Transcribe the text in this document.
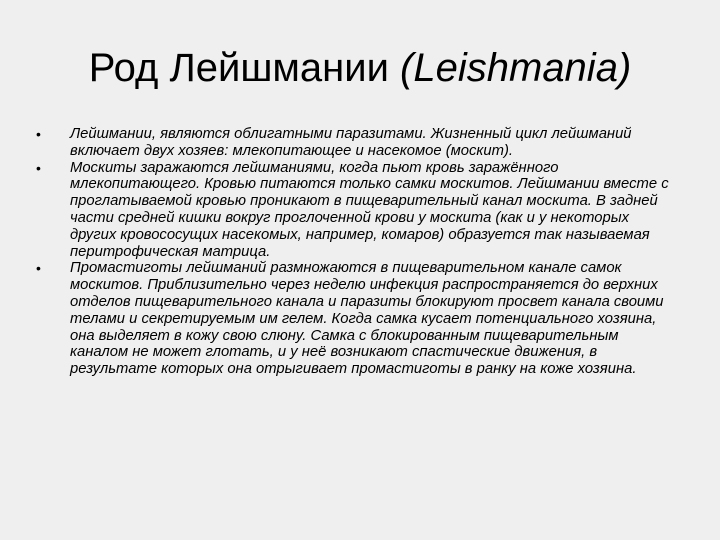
Род Лейшмании (Leishmania)
•	Лейшмании, являются облигатными паразитами. Жизненный цикл лейшманий включает двух хозяев: млекопитающее и насекомое (москит).
•	Москиты заражаются лейшманиями, когда пьют кровь заражённого млекопитающего. Кровью питаются только самки москитов. Лейшмании вместе с проглатываемой кровью проникают в пищеварительный канал москита. В задней части средней кишки вокруг проглоченной крови у москита (как и у некоторых других кровососущих насекомых, например, комаров) образуется так называемая перитрофическая матрица.
•	Промастиготы лейшманий размножаются в пищеварительном канале самок москитов. Приблизительно через неделю инфекция распространяется до верхних отделов пищеварительного канала и паразиты блокируют просвет канала своими телами и секретируемым им гелем. Когда самка кусает потенциального хозяина, она выделяет в кожу свою слюну. Самка с блокированным пищеварительным каналом не может глотать, и у неё возникают спастические движения, в результате которых она отрыгивает промастиготы в ранку на коже хозяина.
